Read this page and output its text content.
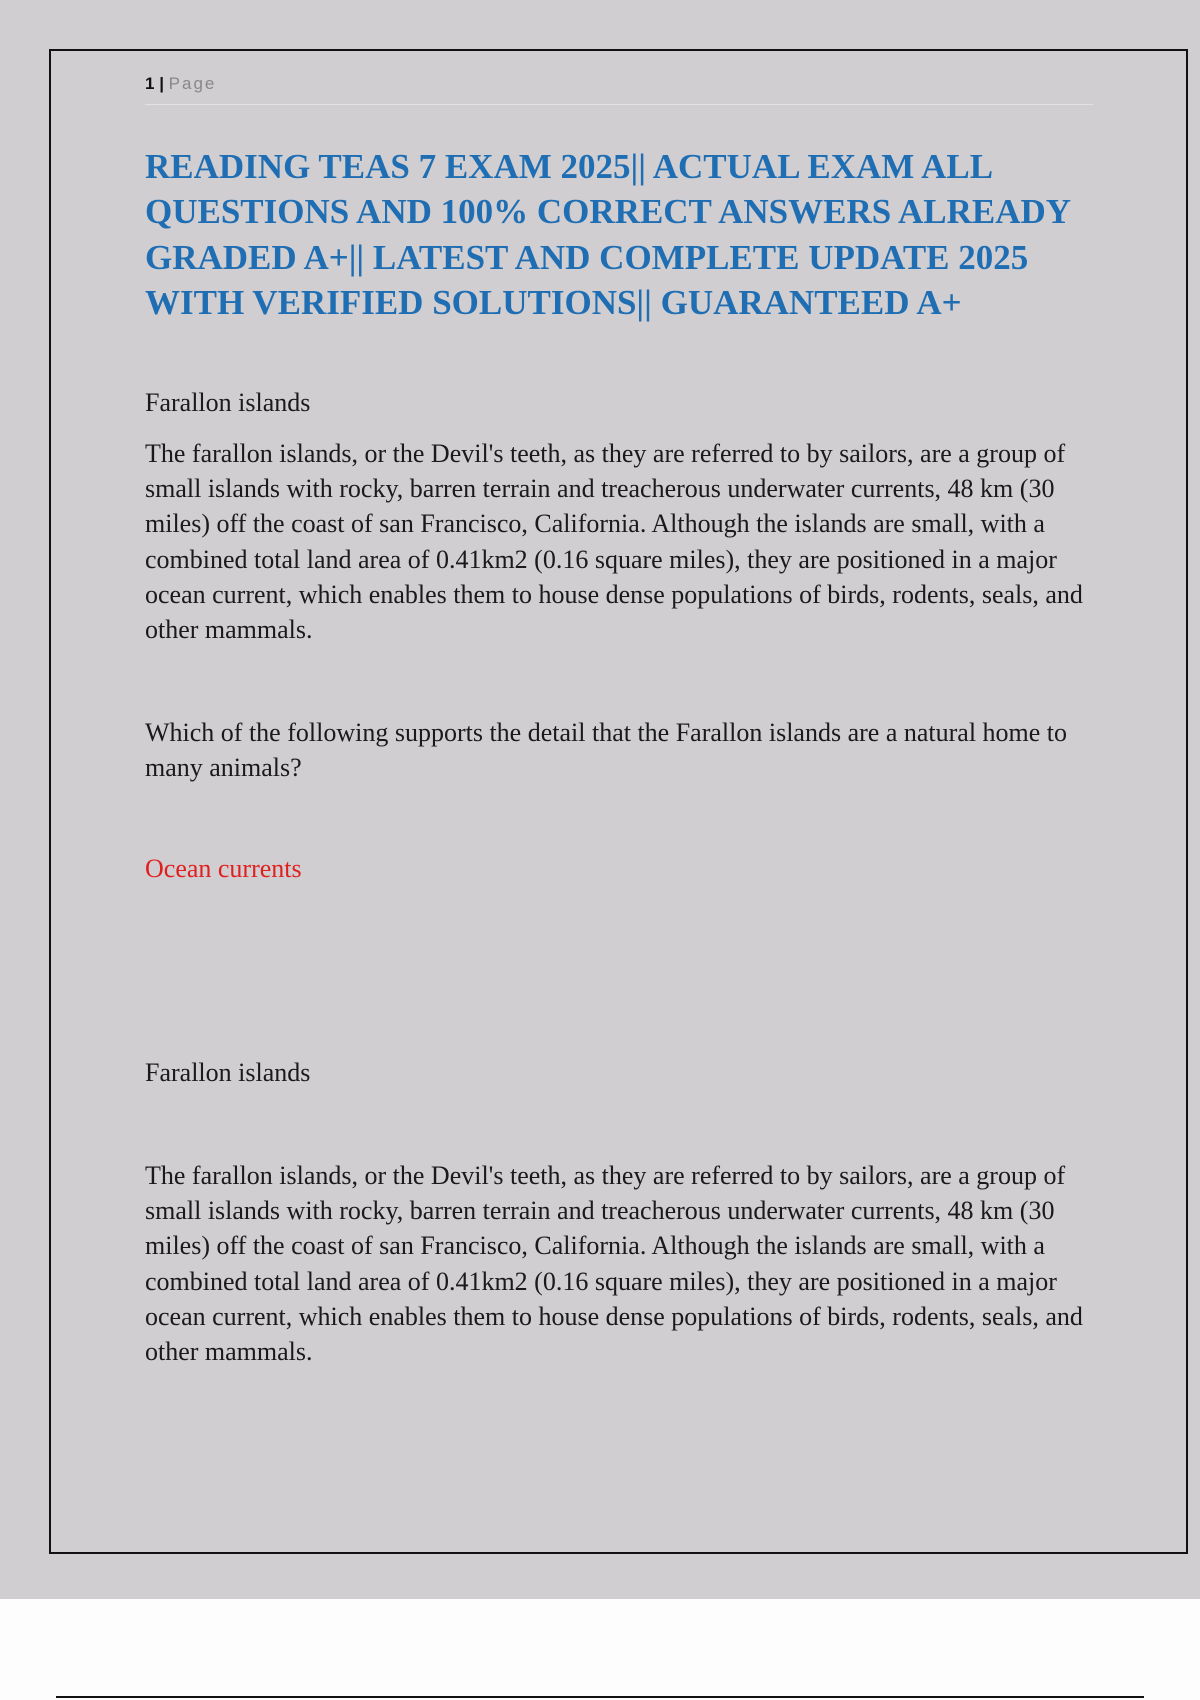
1 | Page
READING TEAS 7 EXAM 2025|| ACTUAL EXAM ALL QUESTIONS AND 100% CORRECT ANSWERS ALREADY GRADED A+|| LATEST AND COMPLETE UPDATE 2025 WITH VERIFIED SOLUTIONS|| GUARANTEED A+

Farallon islands

The farallon islands, or the Devil's teeth, as they are referred to by sailors, are a group of small islands with rocky, barren terrain and treacherous underwater currents, 48 km (30 miles) off the coast of san Francisco, California. Although the islands are small, with a combined total land area of 0.41km2 (0.16 square miles), they are positioned in a major ocean current, which enables them to house dense populations of birds, rodents, seals, and other mammals.

Which of the following supports the detail that the Farallon islands are a natural home to many animals?

Ocean currents

Farallon islands

The farallon islands, or the Devil's teeth, as they are referred to by sailors, are a group of small islands with rocky, barren terrain and treacherous underwater currents, 48 km (30 miles) off the coast of san Francisco, California. Although the islands are small, with a combined total land area of 0.41km2 (0.16 square miles), they are positioned in a major ocean current, which enables them to house dense populations of birds, rodents, seals, and other mammals.
